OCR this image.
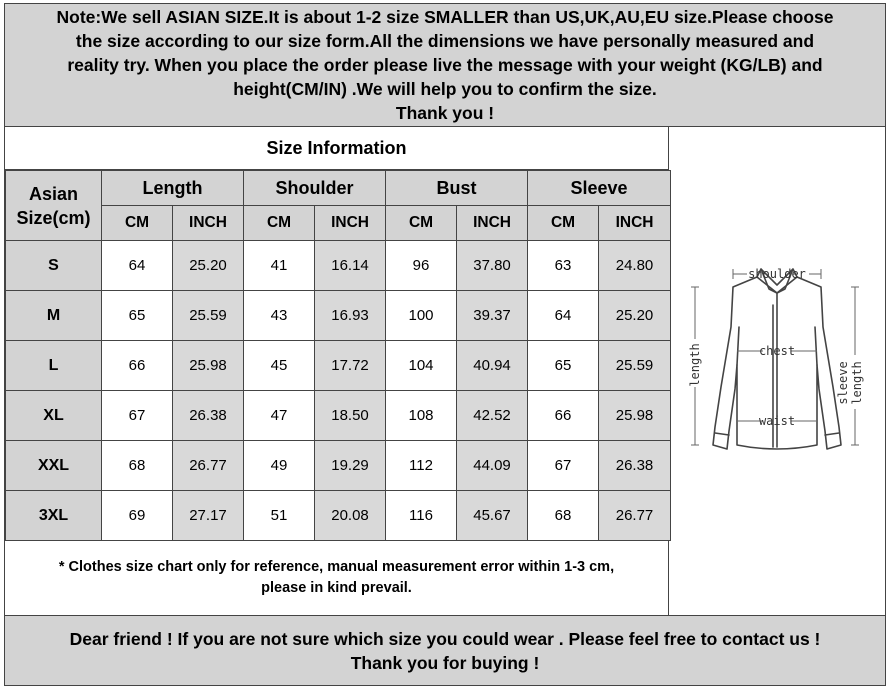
Note:We sell ASIAN SIZE.It is about 1-2 size SMALLER than US,UK,AU,EU size.Please choose
the size according to our size form.All the dimensions we have personally measured and
reality try. When you place the order please live the message with your weight (KG/LB) and
height(CM/IN) .We will help you to confirm the size.
Thank you !
Size Information
Asian
Size(cm)	Length		Shoulder		Bust		Sleeve	
	CM	INCH	CM	INCH	CM	INCH	CM	INCH
S	64	25.20	41	16.14	96	37.80	63	24.80
M	65	25.59	43	16.93	100	39.37	64	25.20
L	66	25.98	45	17.72	104	40.94	65	25.59
XL	67	26.38	47	18.50	108	42.52	66	25.98
XXL	68	26.77	49	19.29	112	44.09	67	26.38
3XL	69	27.17	51	20.08	116	45.67	68	26.77
* Clothes size chart only for reference, manual measurement error within 1-3 cm,
please in kind prevail.
shoulder
chest
waist
length	sleeve length
Dear friend ! If you are not sure which size you could wear . Please feel free to contact us !
Thank you for buying !
